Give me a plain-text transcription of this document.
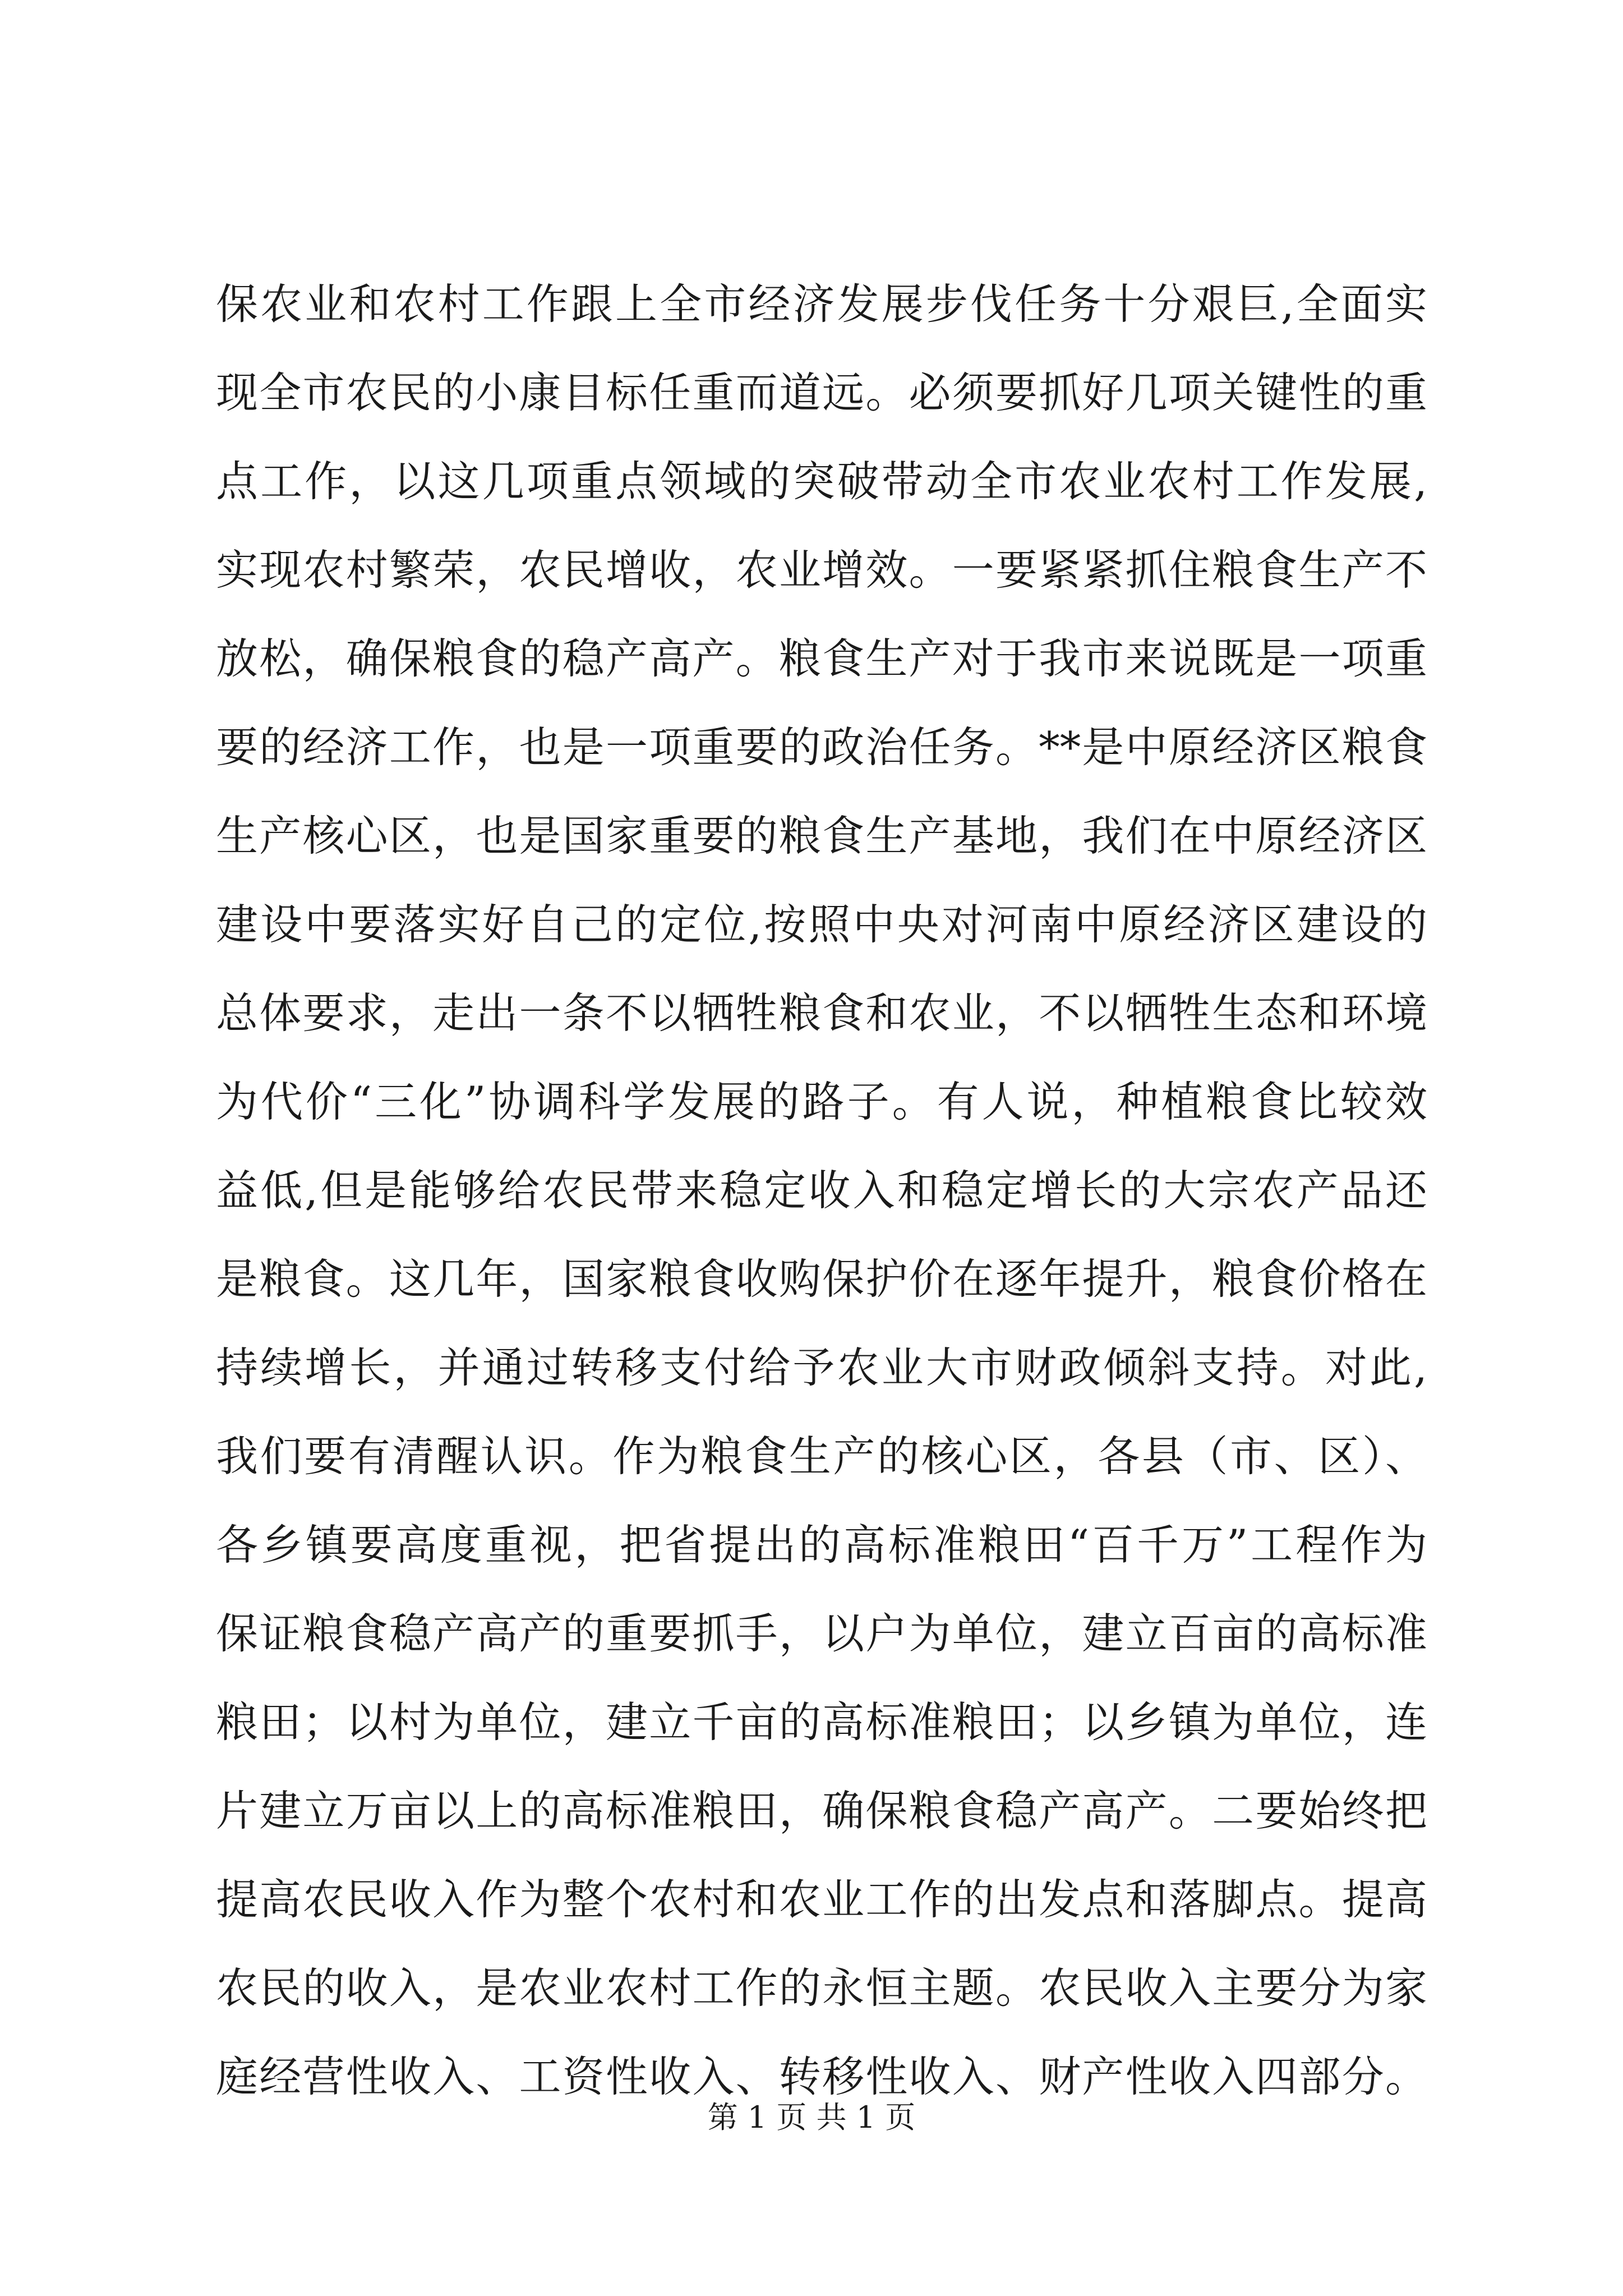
保农业和农村工作跟上全市经济发展步伐任务十分艰巨,全面实
现全市农民的小康目标任重而道远。必须要抓好几项关键性的重
点工作，以这几项重点领域的突破带动全市农业农村工作发展,
实现农村繁荣，农民增收，农业增效。一要紧紧抓住粮食生产不
放松，确保粮食的稳产高产。粮食生产对于我市来说既是一项重
要的经济工作，也是一项重要的政治任务。**是中原经济区粮食
生产核心区，也是国家重要的粮食生产基地，我们在中原经济区
建设中要落实好自己的定位,按照中央对河南中原经济区建设的
总体要求，走出一条不以牺牲粮食和农业，不以牺牲生态和环境
为代价“三化”协调科学发展的路子。有人说，种植粮食比较效
益低,但是能够给农民带来稳定收入和稳定增长的大宗农产品还
是粮食。这几年，国家粮食收购保护价在逐年提升，粮食价格在
持续增长，并通过转移支付给予农业大市财政倾斜支持。对此,
我们要有清醒认识。作为粮食生产的核心区，各县（市、区）、
各乡镇要高度重视，把省提出的高标准粮田“百千万”工程作为
保证粮食稳产高产的重要抓手，以户为单位，建立百亩的高标准
粮田；以村为单位，建立千亩的高标准粮田；以乡镇为单位，连
片建立万亩以上的高标准粮田，确保粮食稳产高产。二要始终把
提高农民收入作为整个农村和农业工作的出发点和落脚点。提高
农民的收入，是农业农村工作的永恒主题。农民收入主要分为家
庭经营性收入、工资性收入、转移性收入、财产性收入四部分。
第 1 页 共 1 页
